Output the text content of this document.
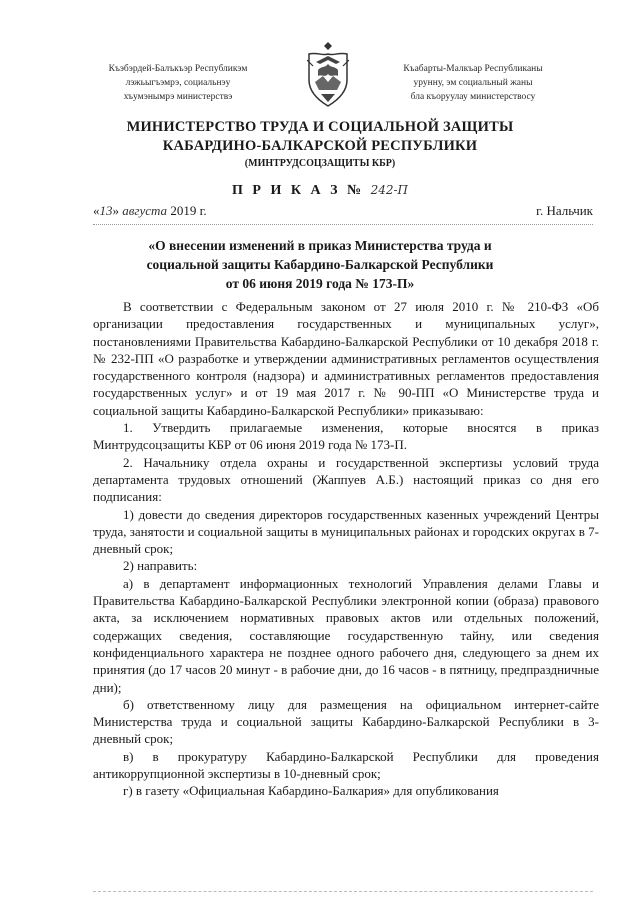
Къэбэрдей-Балъкъэр Республикэм
лэжьыгъэмрэ, социальнэу
хъумэнымрэ министерствэ
Къабарты-Малкъар Республиканы
урунну, эм социальный жаны
бла къоруулау министерствосу
МИНИСТЕРСТВО ТРУДА И СОЦИАЛЬНОЙ ЗАЩИТЫ
КАБАРДИНО-БАЛКАРСКОЙ РЕСПУБЛИКИ
(МИНТРУДСОЦЗАЩИТЫ КБР)
П Р И К А З № 242-П
«13» августа 2019 г.	г. Нальчик
«О внесении изменений в приказ Министерства труда и
социальной защиты Кабардино-Балкарской Республики
от 06 июня 2019 года № 173-П»

В соответствии с Федеральным законом от 27 июля 2010 г. № 210-ФЗ «Об организации предоставления государственных и муниципальных услуг», постановлениями Правительства Кабардино-Балкарской Республики от 10 декабря 2018 г. № 232-ПП «О разработке и утверждении административных регламентов осуществления государственного контроля (надзора) и административных регламентов предоставления государственных услуг» и от 19 мая 2017 г. № 90-ПП «О Министерстве труда и социальной защиты Кабардино-Балкарской Республики» приказываю:

1. Утвердить прилагаемые изменения, которые вносятся в приказ Минтрудсоцзащиты КБР от 06 июня 2019 года № 173-П.

2. Начальнику отдела охраны и государственной экспертизы условий труда департамента трудовых отношений (Жаппуев А.Б.) настоящий приказ со дня его подписания:

1) довести до сведения директоров государственных казенных учреждений Центры труда, занятости и социальной защиты в муниципальных районах и городских округах в 7-дневный срок;

2) направить:

а) в департамент информационных технологий Управления делами Главы и Правительства Кабардино-Балкарской Республики электронной копии (образа) правового акта, за исключением нормативных правовых актов или отдельных положений, содержащих сведения, составляющие государственную тайну, или сведения конфиденциального характера не позднее одного рабочего дня, следующего за днем их принятия (до 17 часов 20 минут - в рабочие дни, до 16 часов - в пятницу, предпраздничные дни);

б) ответственному лицу для размещения на официальном интернет-сайте Министерства труда и социальной защиты Кабардино-Балкарской Республики в 3-дневный срок;

в) в прокуратуру Кабардино-Балкарской Республики для проведения антикоррупционной экспертизы в 10-дневный срок;

г) в газету «Официальная Кабардино-Балкария» для опубликования
